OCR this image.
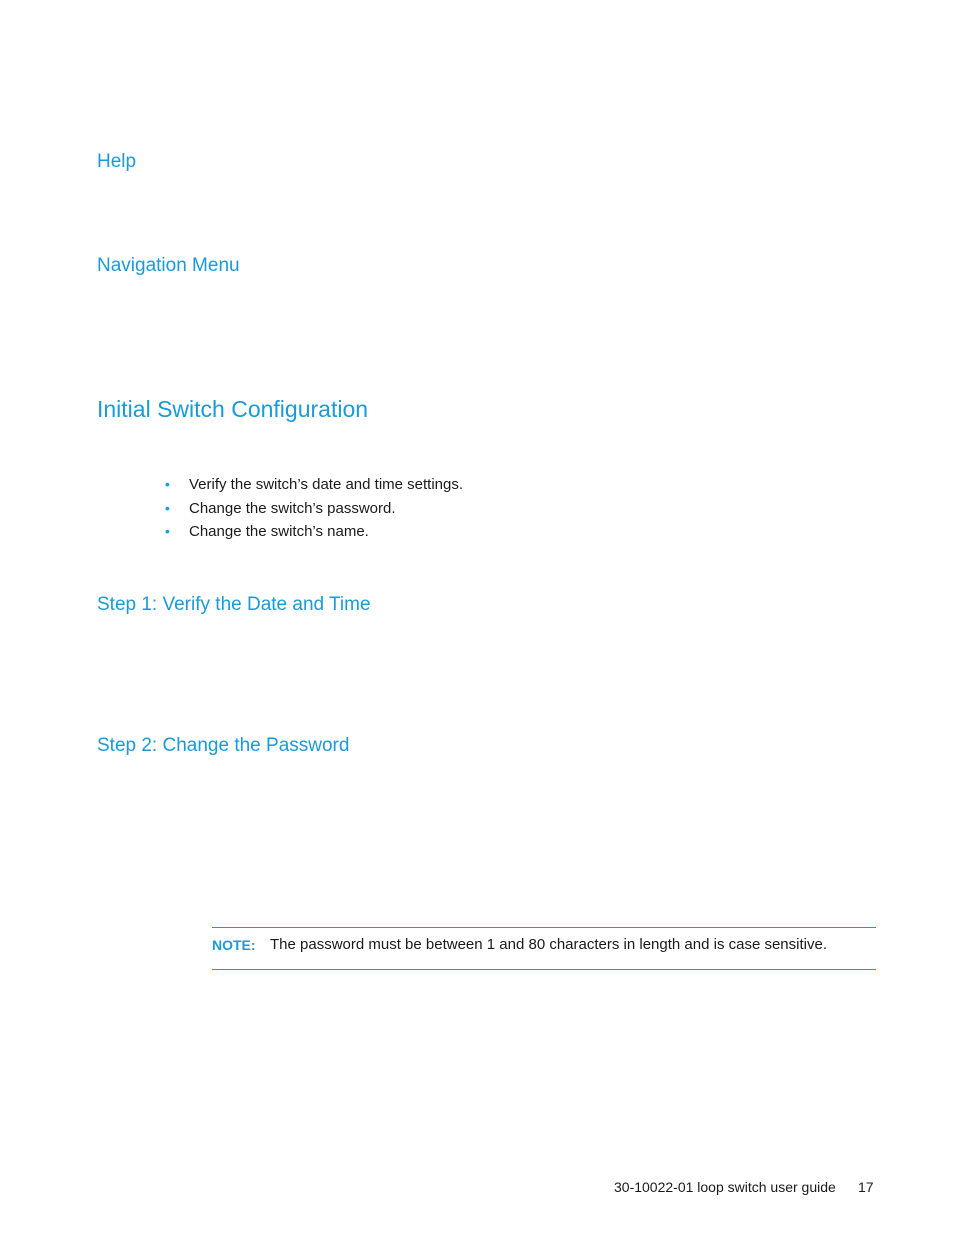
Help
Navigation Menu
Initial Switch Configuration
• Verify the switch’s date and time settings.
• Change the switch’s password.
• Change the switch’s name.
Step 1: Verify the Date and Time
Step 2: Change the Password
NOTE: The password must be between 1 and 80 characters in length and is case sensitive.
30-10022-01 loop switch user guide 17
